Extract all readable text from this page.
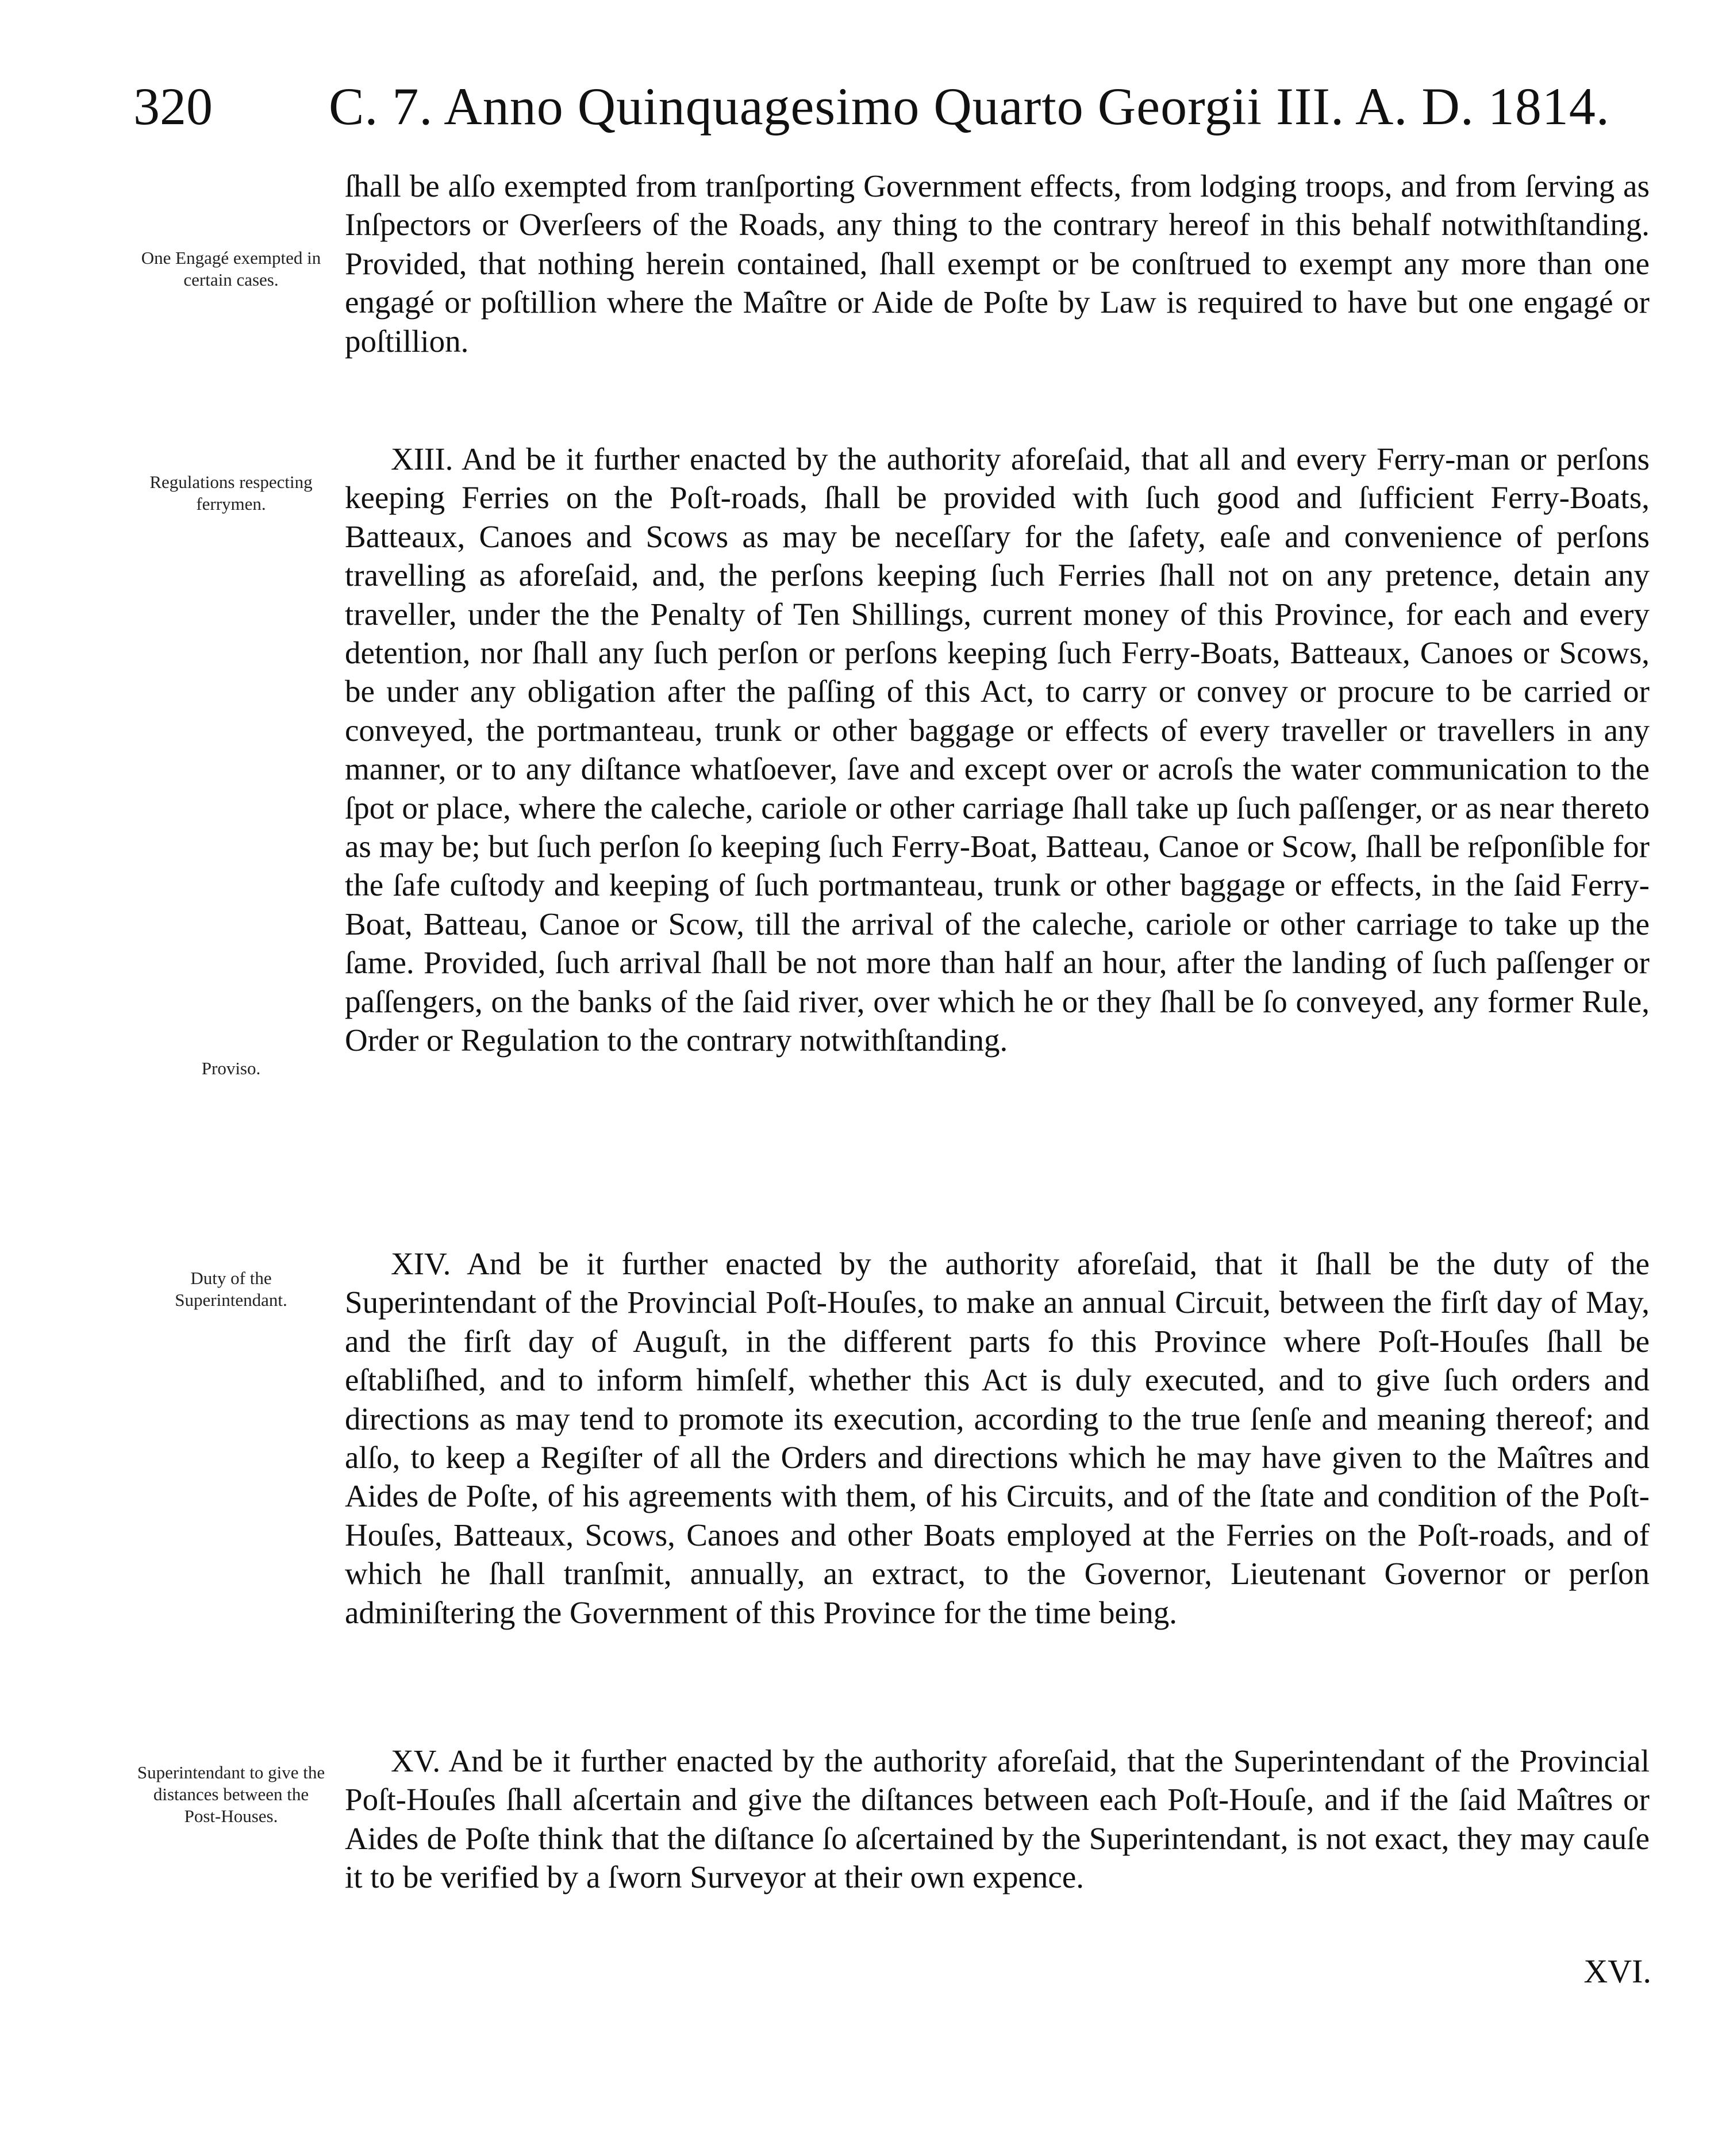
320 C. 7. Anno Quinquagesimo Quarto Georgii III. A. D. 1814.
One Engagé exempted in certain cases.
Regulations respecting ferrymen.
Proviso.
Duty of the Superintendant.
Superintendant to give the distances between the Post-Houses.

ſhall be alſo exempted from tranſporting Government effects, from lodging troops, and from ſerving as Inſpectors or Overſeers of the Roads, any thing to the contrary hereof in this behalf notwithſtanding. Provided, that nothing herein contained, ſhall exempt or be conſtrued to exempt any more than one engagé or poſtillion where the Maître or Aide de Poſte by Law is required to have but one engagé or poſtillion.

XIII. And be it further enacted by the authority aforeſaid, that all and every Ferry-man or perſons keeping Ferries on the Poſt-roads, ſhall be provided with ſuch good and ſufficient Ferry-Boats, Batteaux, Canoes and Scows as may be neceſſary for the ſafety, eaſe and convenience of perſons travelling as aforeſaid, and, the perſons keeping ſuch Ferries ſhall not on any pretence, detain any traveller, under the the Penalty of Ten Shillings, current money of this Province, for each and every detention, nor ſhall any ſuch perſon or perſons keeping ſuch Ferry-Boats, Batteaux, Canoes or Scows, be under any obligation after the paſſing of this Act, to carry or convey or procure to be carried or conveyed, the portmanteau, trunk or other baggage or effects of every traveller or travellers in any manner, or to any diſtance whatſoever, ſave and except over or acroſs the water communication to the ſpot or place, where the caleche, cariole or other carriage ſhall take up ſuch paſſenger, or as near thereto as may be; but ſuch perſon ſo keeping ſuch Ferry-Boat, Batteau, Canoe or Scow, ſhall be reſponſible for the ſafe cuſtody and keeping of ſuch portmanteau, trunk or other baggage or effects, in the ſaid Ferry-Boat, Batteau, Canoe or Scow, till the arrival of the caleche, cariole or other carriage to take up the ſame. Provided, ſuch arrival ſhall be not more than half an hour, after the landing of ſuch paſſenger or paſſengers, on the banks of the ſaid river, over which he or they ſhall be ſo conveyed, any former Rule, Order or Regulation to the contrary notwithſtanding.

XIV. And be it further enacted by the authority aforeſaid, that it ſhall be the duty of the Superintendant of the Provincial Poſt-Houſes, to make an annual Circuit, between the firſt day of May, and the firſt day of Auguſt, in the different parts fo this Province where Poſt-Houſes ſhall be eſtabliſhed, and to inform himſelf, whether this Act is duly executed, and to give ſuch orders and directions as may tend to promote its execution, according to the true ſenſe and meaning thereof; and alſo, to keep a Regiſter of all the Orders and directions which he may have given to the Maîtres and Aides de Poſte, of his agreements with them, of his Circuits, and of the ſtate and condition of the Poſt-Houſes, Batteaux, Scows, Canoes and other Boats employed at the Ferries on the Poſt-roads, and of which he ſhall tranſmit, annually, an extract, to the Governor, Lieutenant Governor or perſon adminiſtering the Government of this Province for the time being.

XV. And be it further enacted by the authority aforeſaid, that the Superintendant of the Provincial Poſt-Houſes ſhall aſcertain and give the diſtances between each Poſt-Houſe, and if the ſaid Maîtres or Aides de Poſte think that the diſtance ſo aſcertained by the Superintendant, is not exact, they may cauſe it to be verified by a ſworn Surveyor at their own expence.

XVI.
